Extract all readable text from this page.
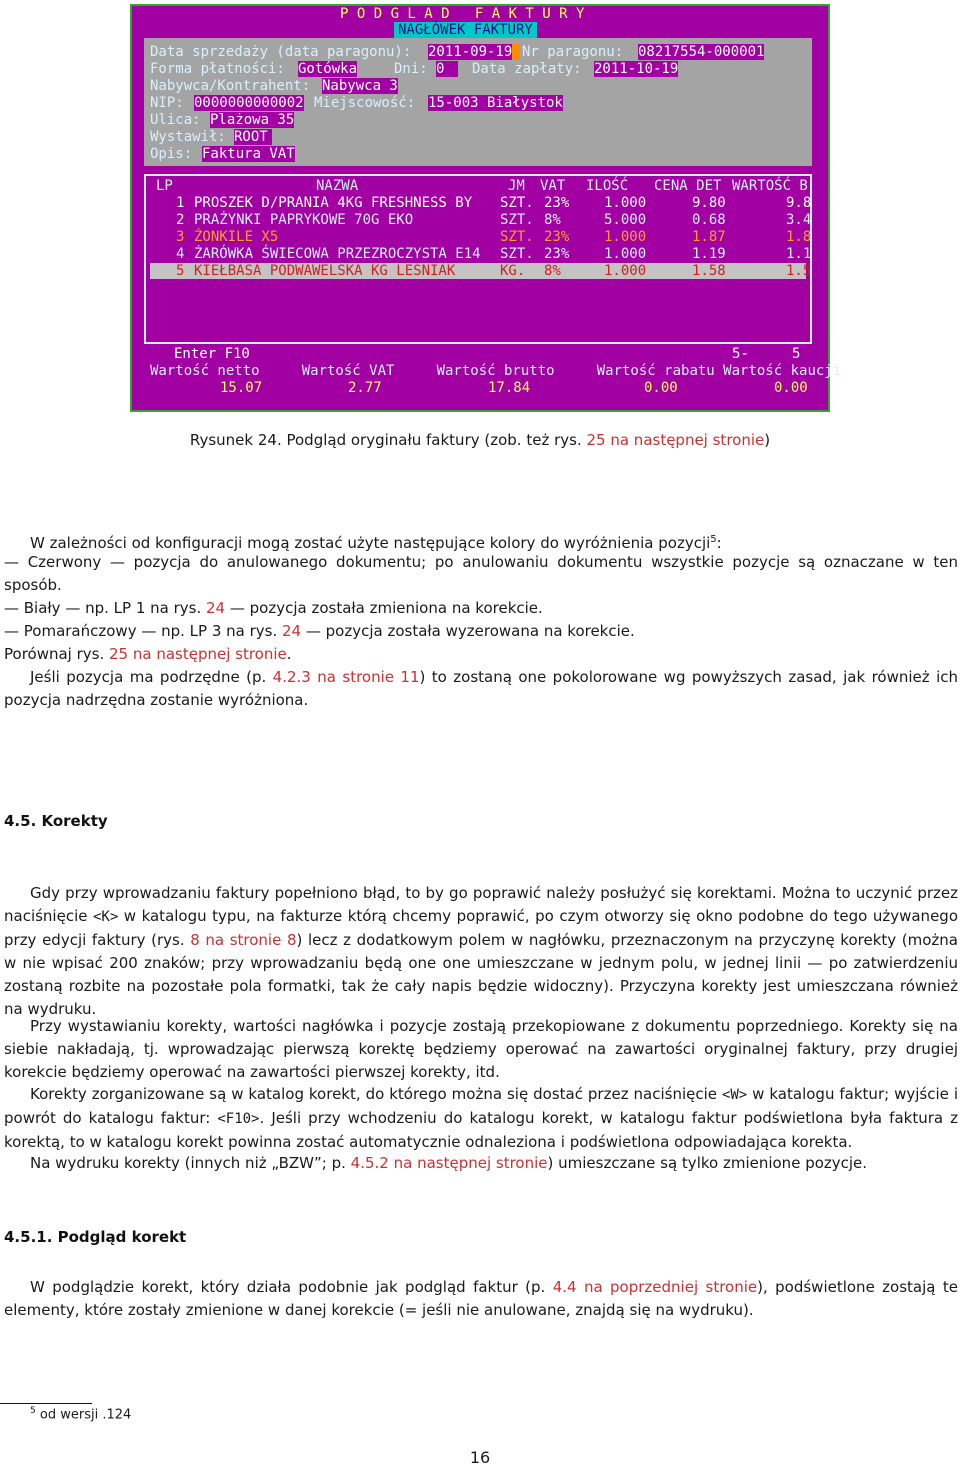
P O D G L A D   F A K T U R Y
NAGŁÓWEK FAKTURY
Data sprzedaży (data paragonu): 2011-09-19 Nr paragonu: 08217554-000001
Forma płatności: Gotówka	Dni: 0	Data zapłaty: 2011-10-19
Nabywca/Kontrahent: Nabywca 3
NIP: 0000000000002 Miejscowość: 15-003 Białystok
Ulica: Plażowa 35
Wystawił: ROOT
Opis: Faktura VAT
LP	NAZWA	JM VAT ILOŚĆ CENA DET WARTOŚĆ B
1 PROSZEK D/PRANIA 4KG FRESHNESS BY SZT. 23% 1.000	9.80	9.8
2 PRAŻYNKI PAPRYKOWE 70G EKO	SZT. 8%	5.000	0.68	3.4
3 ŻONKILE X5	SZT. 23% 1.000	1.87	1.8
4 ŻARÓWKA ŚWIECOWA PRZEZROCZYSTA E14 SZT. 23% 1.000	1.19	1.1
5 KIEŁBASA PODWAWELSKA KG LEŚNIAK	KG. 8%	1.000	1.58	1.5
Enter F10	5-	5
Wartość netto     Wartość VAT     Wartość brutto     Wartość rabatu Wartość kaucji
15.07	2.77	17.84	0.00	0.00
Rysunek 24. Podgląd oryginału faktury (zob. też rys. 25 na następnej stronie)
W zależności od konfiguracji mogą zostać użyte następujące kolory do wyróżnienia pozycji$^5$:
— Czerwony — pozycja do anulowanego dokumentu; po anulowaniu dokumentu wszystkie pozycje są oznaczane w ten sposób.
— Biały — np. LP 1 na rys. 24 — pozycja została zmieniona na korekcie.
— Pomarańczowy — np. LP 3 na rys. 24 — pozycja została wyzerowana na korekcie.
Porównaj rys. 25 na następnej stronie.
Jeśli pozycja ma podrzędne (p. 4.2.3 na stronie 11) to zostaną one pokolorowane wg powyższych zasad, jak również ich pozycja nadrzędna zostanie wyróżniona.
4.5. Korekty
Gdy przy wprowadzaniu faktury popełniono błąd, to by go poprawić należy posłużyć się korektami. Można to uczynić przez naciśnięcie <K> w katalogu typu, na fakturze którą chcemy poprawić, po czym otworzy się okno podobne do tego używanego przy edycji faktury (rys. 8 na stronie 8) lecz z dodatkowym polem w nagłówku, przeznaczonym na przyczynę korekty (można w nie wpisać 200 znaków; przy wprowadzaniu będą one one umieszczane w jednym polu, w jednej linii — po zatwierdzeniu zostaną rozbite na pozostałe pola formatki, tak że cały napis będzie widoczny). Przyczyna korekty jest umieszczana również na wydruku.
Przy wystawianiu korekty, wartości nagłówka i pozycje zostają przekopiowane z dokumentu poprzedniego. Korekty się na siebie nakładają, tj. wprowadzając pierwszą korektę będziemy operować na zawartości oryginalnej faktury, przy drugiej korekcie będziemy operować na zawartości pierwszej korekty, itd.
Korekty zorganizowane są w katalog korekt, do którego można się dostać przez naciśnięcie <W> w katalogu faktur; wyjście i powrót do katalogu faktur: <F10>. Jeśli przy wchodzeniu do katalogu korekt, w katalogu faktur podświetlona była faktura z korektą, to w katalogu korekt powinna zostać automatycznie odnaleziona i podświetlona odpowiadająca korekta.
Na wydruku korekty (innych niż „BZW”; p. 4.5.2 na następnej stronie) umieszczane są tylko zmienione pozycje.
4.5.1. Podgląd korekt
W podglądzie korekt, który działa podobnie jak podgląd faktur (p. 4.4 na poprzedniej stronie), podświetlone zostają te elementy, które zostały zmienione w danej korekcie (= jeśli nie anulowane, znajdą się na wydruku).
$^5$ od wersji .124
16
